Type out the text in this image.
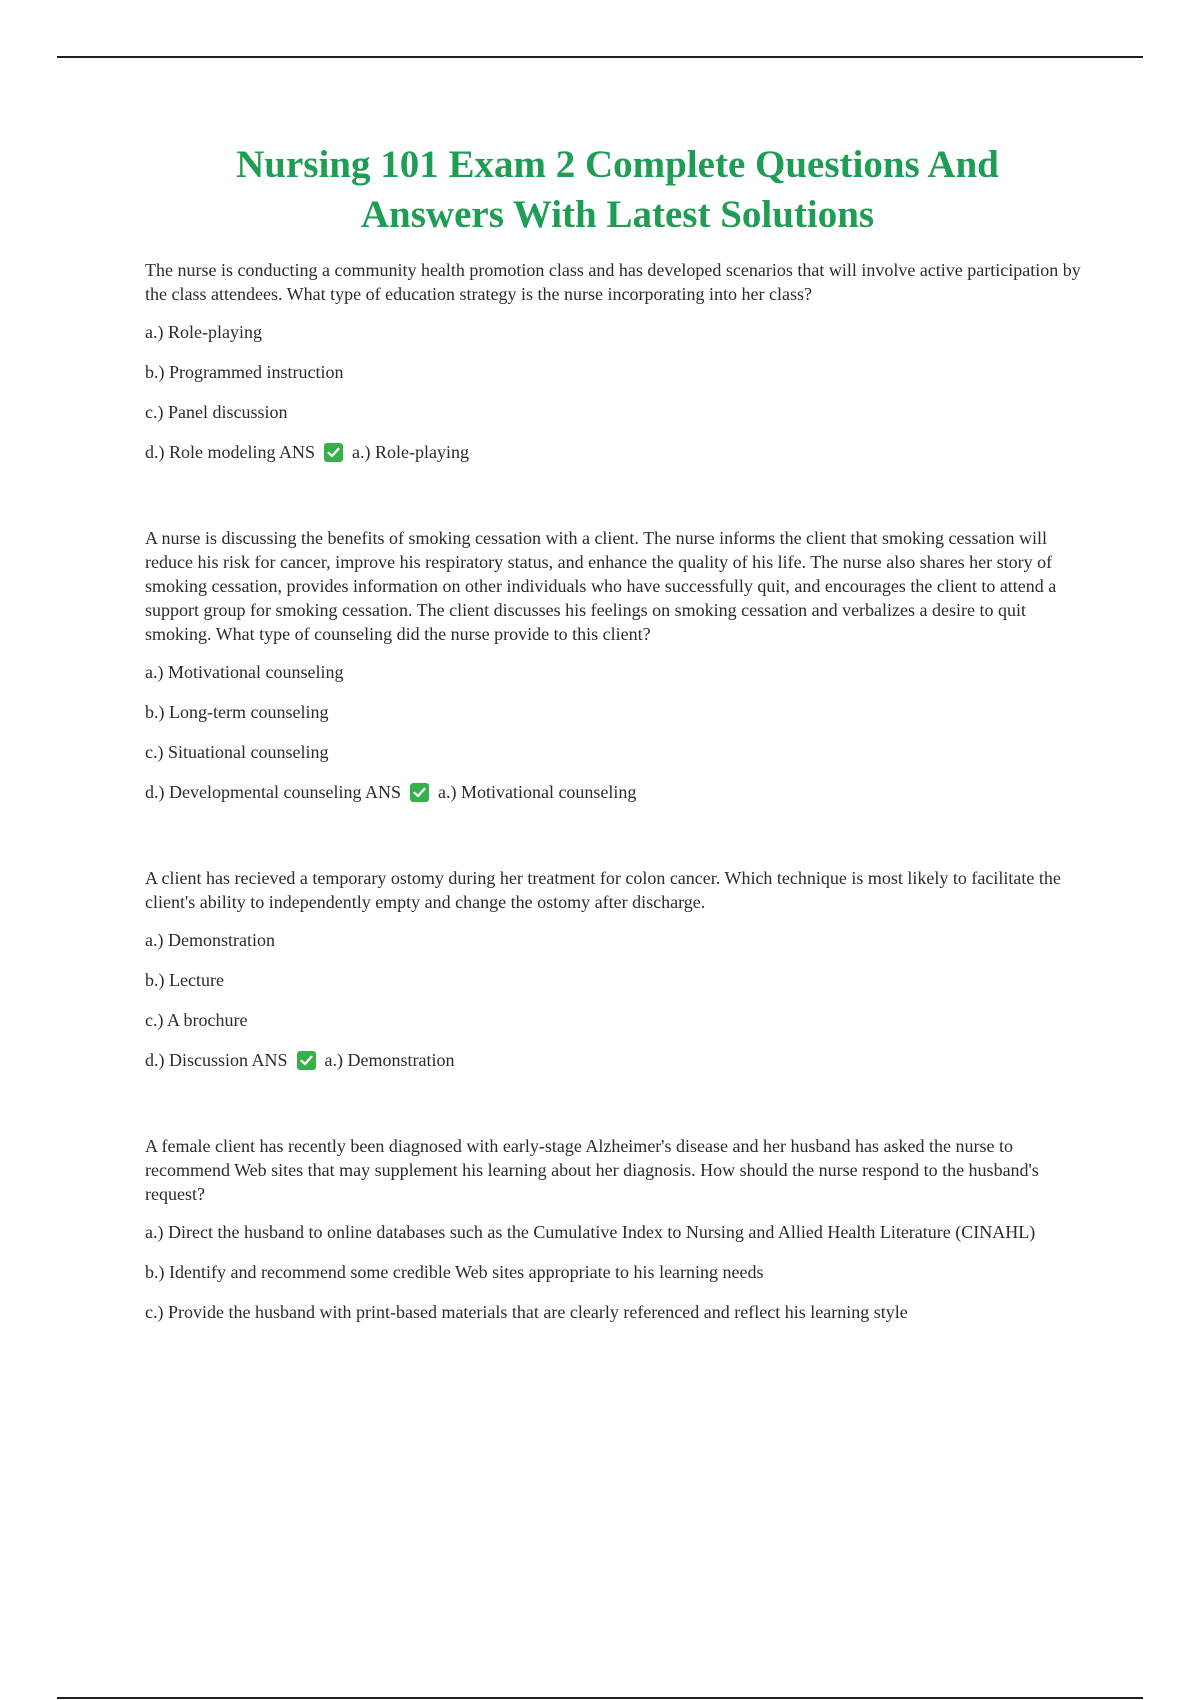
Nursing 101 Exam 2 Complete Questions And Answers With Latest Solutions

The nurse is conducting a community health promotion class and has developed scenarios that will involve active participation by the class attendees. What type of education strategy is the nurse incorporating into her class?

a.) Role-playing

b.) Programmed instruction

c.) Panel discussion

d.) Role modeling ANS a.) Role-playing

A nurse is discussing the benefits of smoking cessation with a client. The nurse informs the client that smoking cessation will reduce his risk for cancer, improve his respiratory status, and enhance the quality of his life. The nurse also shares her story of smoking cessation, provides information on other individuals who have successfully quit, and encourages the client to attend a support group for smoking cessation. The client discusses his feelings on smoking cessation and verbalizes a desire to quit smoking. What type of counseling did the nurse provide to this client?

a.) Motivational counseling

b.) Long-term counseling

c.) Situational counseling

d.) Developmental counseling ANS a.) Motivational counseling

A client has recieved a temporary ostomy during her treatment for colon cancer. Which technique is most likely to facilitate the client's ability to independently empty and change the ostomy after discharge.

a.) Demonstration

b.) Lecture

c.) A brochure

d.) Discussion ANS a.) Demonstration

A female client has recently been diagnosed with early-stage Alzheimer's disease and her husband has asked the nurse to recommend Web sites that may supplement his learning about her diagnosis. How should the nurse respond to the husband's request?

a.) Direct the husband to online databases such as the Cumulative Index to Nursing and Allied Health Literature (CINAHL)

b.) Identify and recommend some credible Web sites appropriate to his learning needs

c.) Provide the husband with print-based materials that are clearly referenced and reflect his learning style
